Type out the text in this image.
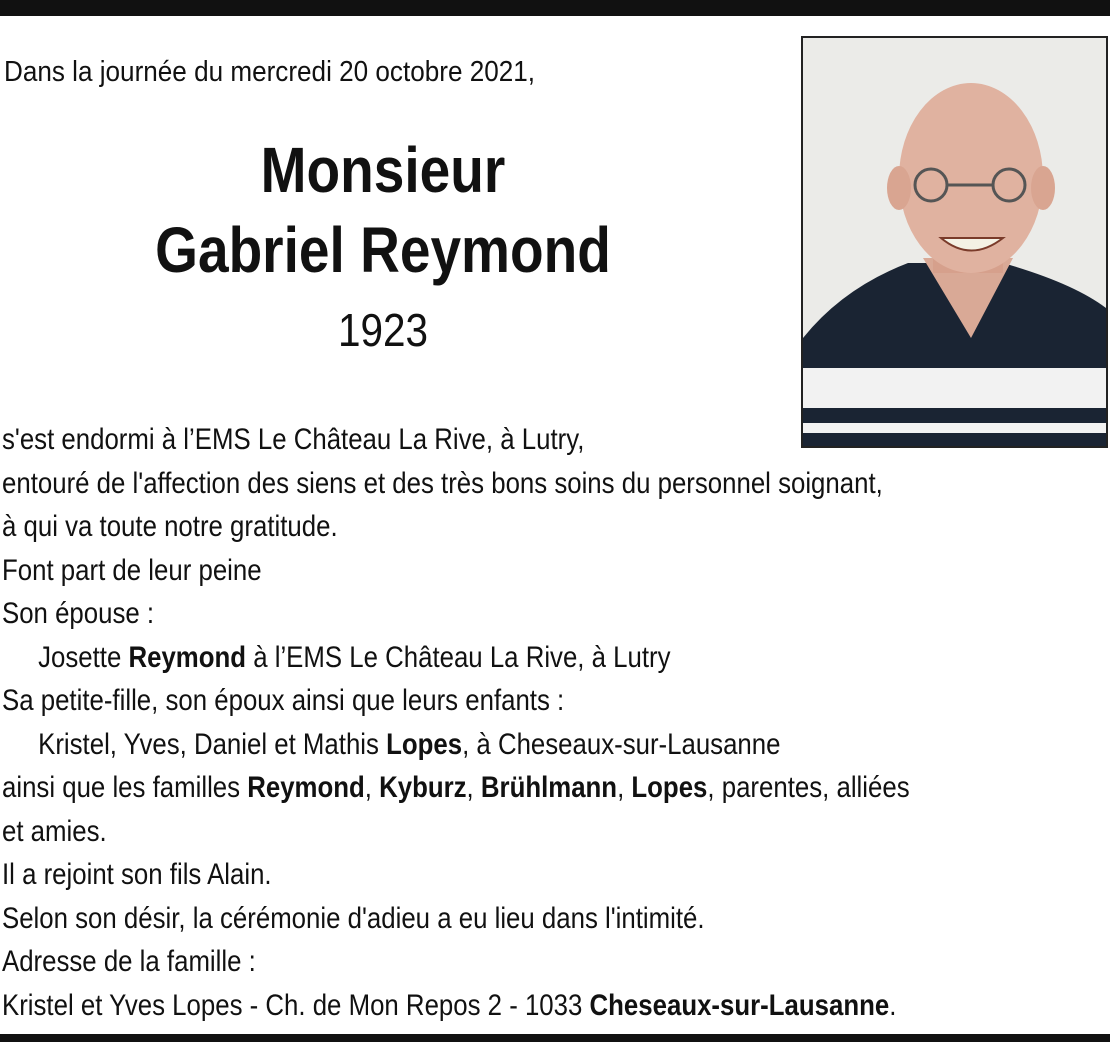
Dans la journée du mercredi 20 octobre 2021,
Monsieur
Gabriel Reymond
1923
s'est endormi à l’EMS Le Château La Rive, à Lutry,
entouré de l'affection des siens et des très bons soins du personnel soignant,
à qui va toute notre gratitude.
Font part de leur peine
Son épouse :
Josette Reymond à l’EMS Le Château La Rive, à Lutry
Sa petite-fille, son époux ainsi que leurs enfants :
Kristel, Yves, Daniel et Mathis Lopes, à Cheseaux-sur-Lausanne
ainsi que les familles Reymond, Kyburz, Brühlmann, Lopes, parentes, alliées
et amies.
Il a rejoint son fils Alain.
Selon son désir, la cérémonie d'adieu a eu lieu dans l'intimité.
Adresse de la famille :
Kristel et Yves Lopes - Ch. de Mon Repos 2 - 1033 Cheseaux-sur-Lausanne.
